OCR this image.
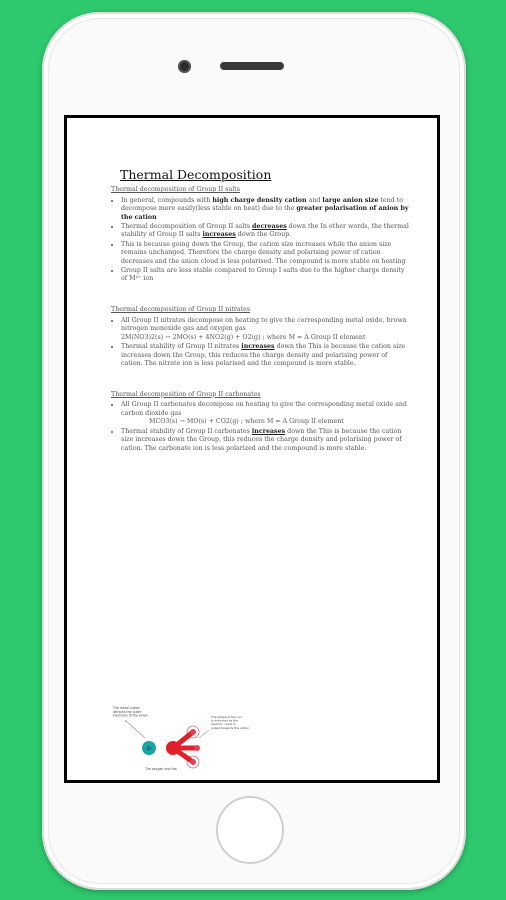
Thermal Decomposition
Thermal decomposition of Group II salts
• In general, compounds with high charge density cation and large anion size tend to decompose more easily(less stable on heat) due to the greater polarisation of anion by the cation
• Thermal decomposition of Group II salts decreases down the In other words, the thermal stability of Group II salts increases down the Group.
• This is because going down the Group, the cation size increases while the anion size remains unchanged. Therefore the charge density and polarising power of cation decreases and the anion cloud is less polarised. The compound is more stable on heating
• Group II salts are less stable compared to Group I salts due to the higher charge density of M²⁺ ion
Thermal decomposition of Group II nitrates
• All Group II nitrates decompose on heating to give the corresponding metal oxide, brown nitrogen monoxide gas and oxygen gas
2M(NO3)2(s) → 2MO(s) + 4NO2(g) + O2(g) ; where M = A Group II element
• Thermal stability of Group II nitrates increases down the This is because the cation size increases down the Group, this reduces the charge density and polarising power of cation. The nitrate ion is less polarised and the compound is more stable.
Thermal decomposition of Group II carbonates
• All Group II carbonates decompose on heating to give the corresponding metal oxide and carbon dioxide gas
MCO3(s) → MO(s) + CO2(g) ; where M = A Group II element
• Thermal stability of Group II carbonates increases down the This is because the cation size increases down the Group, this reduces the charge density and polarising power of cation. The carbonate ion is less polarized and the compound is more stable.
The metal cation attracts the outer electrons of the anion
Sr
-	+
The shape of the ion is distorted as the electron cloud is pulled towards the cation
The oxygen and the
